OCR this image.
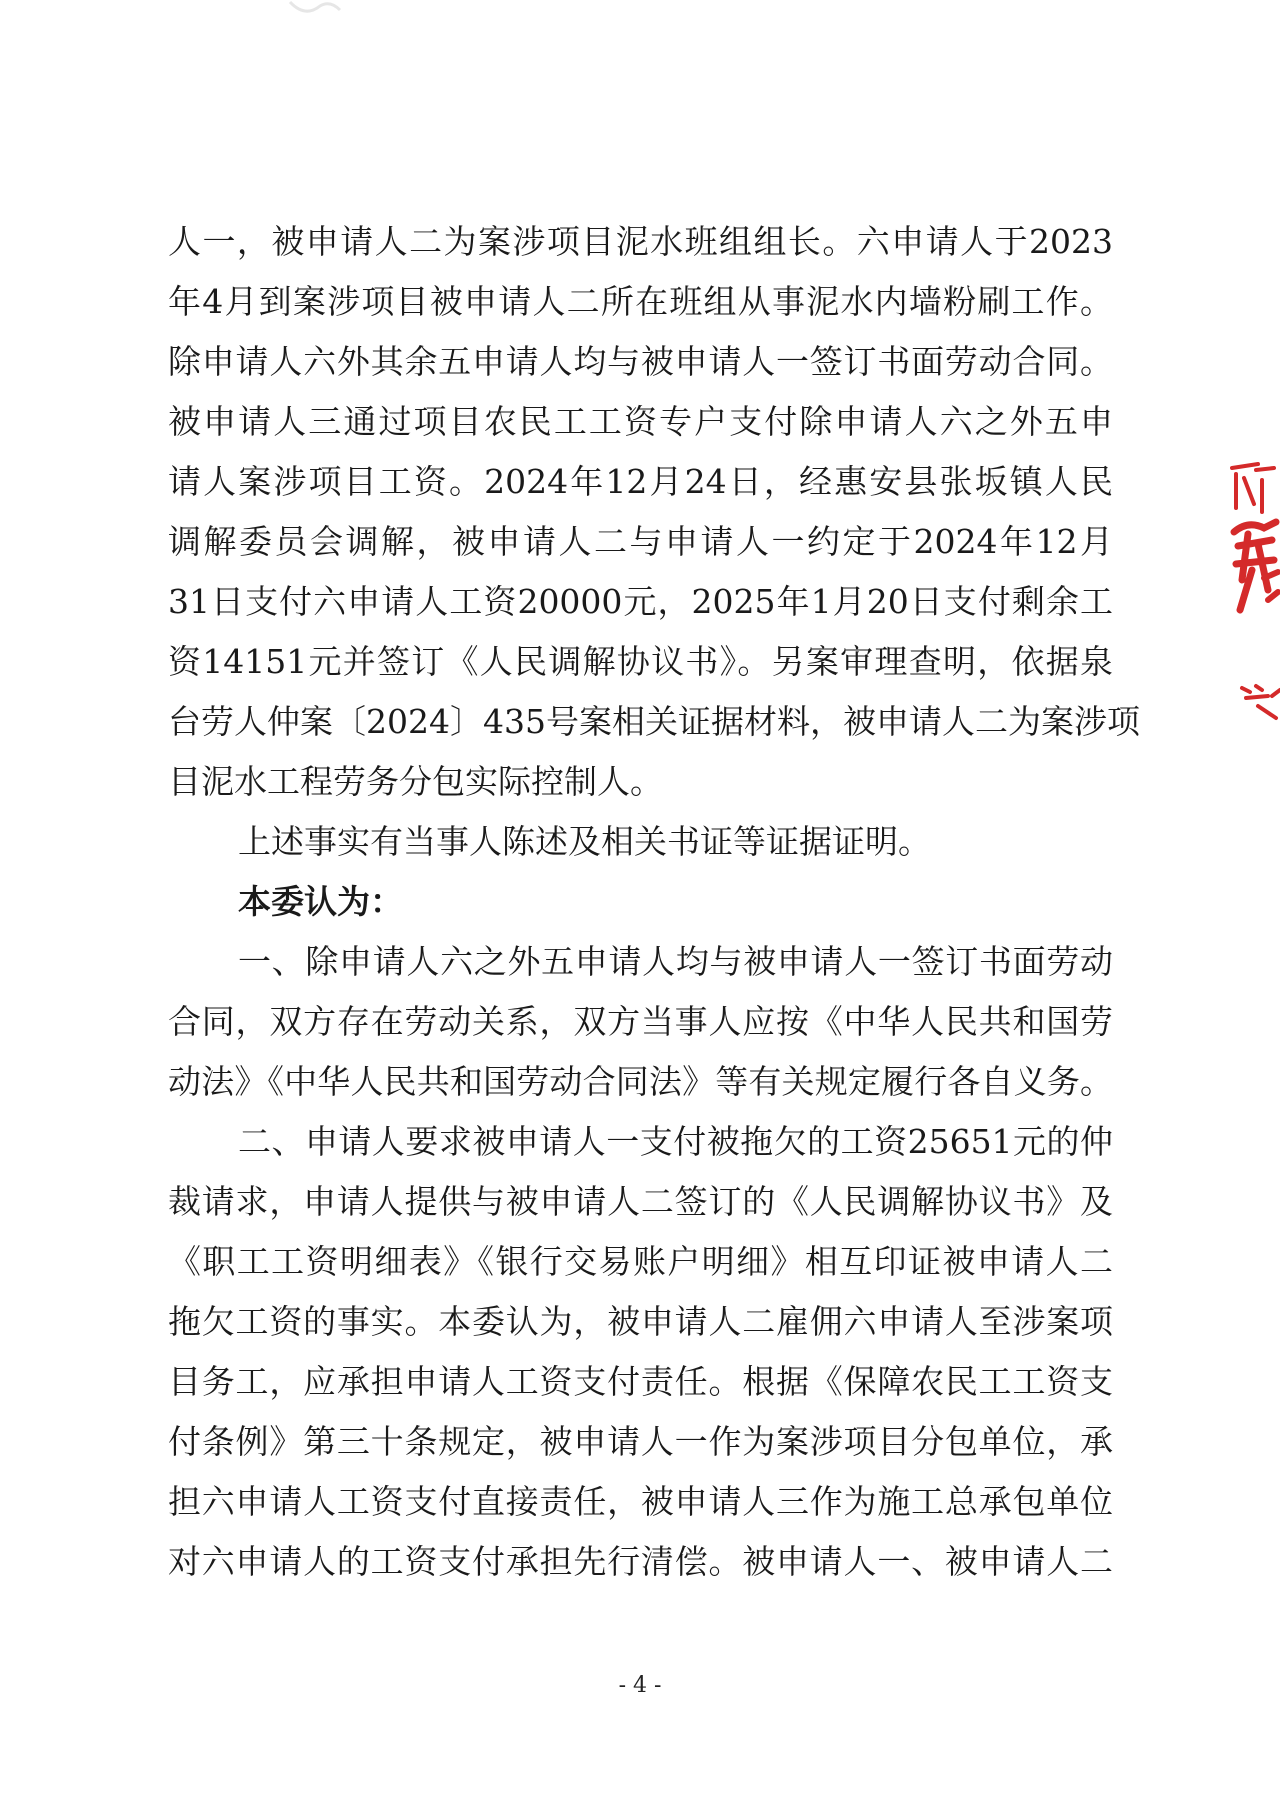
人一，被申请人二为案涉项目泥水班组组长。六申请人于2023
年4月到案涉项目被申请人二所在班组从事泥水内墙粉刷工作。
除申请人六外其余五申请人均与被申请人一签订书面劳动合同。
被申请人三通过项目农民工工资专户支付除申请人六之外五申
请人案涉项目工资。2024年12月24日，经惠安县张坂镇人民
调解委员会调解，被申请人二与申请人一约定于2024年12月
31日支付六申请人工资20000元，2025年1月20日支付剩余工
资14151元并签订《人民调解协议书》。另案审理查明，依据泉
台劳人仲案〔2024〕435号案相关证据材料，被申请人二为案涉项
目泥水工程劳务分包实际控制人。
上述事实有当事人陈述及相关书证等证据证明。
本委认为：
一、除申请人六之外五申请人均与被申请人一签订书面劳动
合同，双方存在劳动关系，双方当事人应按《中华人民共和国劳
动法》《中华人民共和国劳动合同法》等有关规定履行各自义务。
二、申请人要求被申请人一支付被拖欠的工资25651元的仲
裁请求，申请人提供与被申请人二签订的《人民调解协议书》及
《职工工资明细表》《银行交易账户明细》相互印证被申请人二
拖欠工资的事实。本委认为，被申请人二雇佣六申请人至涉案项
目务工，应承担申请人工资支付责任。根据《保障农民工工资支
付条例》第三十条规定，被申请人一作为案涉项目分包单位，承
担六申请人工资支付直接责任，被申请人三作为施工总承包单位
对六申请人的工资支付承担先行清偿。被申请人一、被申请人二
- 4 -
